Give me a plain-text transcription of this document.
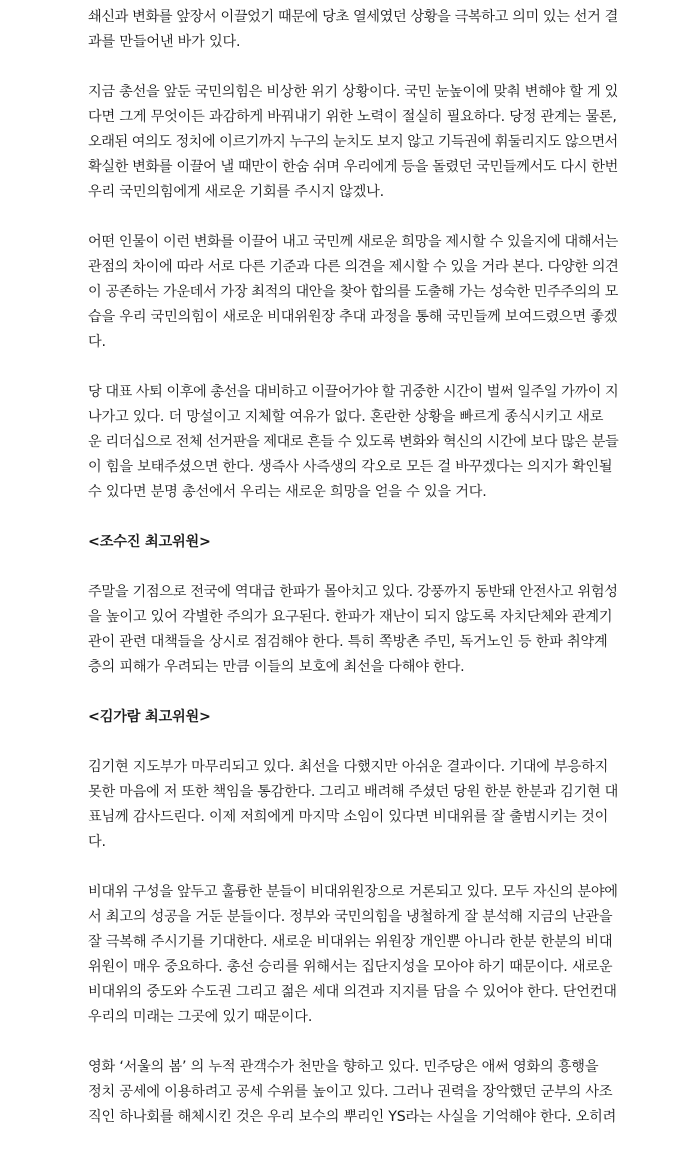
쇄신과 변화를 앞장서 이끌었기 때문에 당초 열세였던 상황을 극복하고 의미 있는 선거 결
과를 만들어낸 바가 있다.
지금 총선을 앞둔 국민의힘은 비상한 위기 상황이다. 국민 눈높이에 맞춰 변해야 할 게 있
다면 그게 무엇이든 과감하게 바꿔내기 위한 노력이 절실히 필요하다. 당정 관계는 물론,
오래된 여의도 정치에 이르기까지 누구의 눈치도 보지 않고 기득권에 휘둘리지도 않으면서
확실한 변화를 이끌어 낼 때만이 한숨 쉬며 우리에게 등을 돌렸던 국민들께서도 다시 한번
우리 국민의힘에게 새로운 기회를 주시지 않겠나.
어떤 인물이 이런 변화를 이끌어 내고 국민께 새로운 희망을 제시할 수 있을지에 대해서는
관점의 차이에 따라 서로 다른 기준과 다른 의견을 제시할 수 있을 거라 본다. 다양한 의견
이 공존하는 가운데서 가장 최적의 대안을 찾아 합의를 도출해 가는 성숙한 민주주의의 모
습을 우리 국민의힘이 새로운 비대위원장 추대 과정을 통해 국민들께 보여드렸으면 좋겠
다.
당 대표 사퇴 이후에 총선을 대비하고 이끌어가야 할 귀중한 시간이 벌써 일주일 가까이 지
나가고 있다. 더 망설이고 지체할 여유가 없다. 혼란한 상황을 빠르게 종식시키고 새로
운 리더십으로 전체 선거판을 제대로 흔들 수 있도록 변화와 혁신의 시간에 보다 많은 분들
이 힘을 보태주셨으면 한다. 생즉사 사즉생의 각오로 모든 걸 바꾸겠다는 의지가 확인될
수 있다면 분명 총선에서 우리는 새로운 희망을 얻을 수 있을 거다.
<조수진 최고위원>
주말을 기점으로 전국에 역대급 한파가 몰아치고 있다. 강풍까지 동반돼 안전사고 위험성
을 높이고 있어 각별한 주의가 요구된다. 한파가 재난이 되지 않도록 자치단체와 관계기
관이 관련 대책들을 상시로 점검해야 한다. 특히 쪽방촌 주민, 독거노인 등 한파 취약계
층의 피해가 우려되는 만큼 이들의 보호에 최선을 다해야 한다.
<김가람 최고위원>
김기현 지도부가 마무리되고 있다. 최선을 다했지만 아쉬운 결과이다. 기대에 부응하지
못한 마음에 저 또한 책임을 통감한다. 그리고 배려해 주셨던 당원 한분 한분과 김기현 대
표님께 감사드린다. 이제 저희에게 마지막 소임이 있다면 비대위를 잘 출범시키는 것이
다.
비대위 구성을 앞두고 훌륭한 분들이 비대위원장으로 거론되고 있다. 모두 자신의 분야에
서 최고의 성공을 거둔 분들이다. 정부와 국민의힘을 냉철하게 잘 분석해 지금의 난관을
잘 극복해 주시기를 기대한다. 새로운 비대위는 위원장 개인뿐 아니라 한분 한분의 비대
위원이 매우 중요하다. 총선 승리를 위해서는 집단지성을 모아야 하기 때문이다. 새로운
비대위의 중도와 수도권 그리고 젊은 세대 의견과 지지를 담을 수 있어야 한다. 단언컨대
우리의 미래는 그곳에 있기 때문이다.
영화 ‘서울의 봄’ 의 누적 관객수가 천만을 향하고 있다. 민주당은 애써 영화의 흥행을
정치 공세에 이용하려고 공세 수위를 높이고 있다. 그러나 권력을 장악했던 군부의 사조
직인 하나회를 해체시킨 것은 우리 보수의 뿌리인 YS라는 사실을 기억해야 한다. 오히려
